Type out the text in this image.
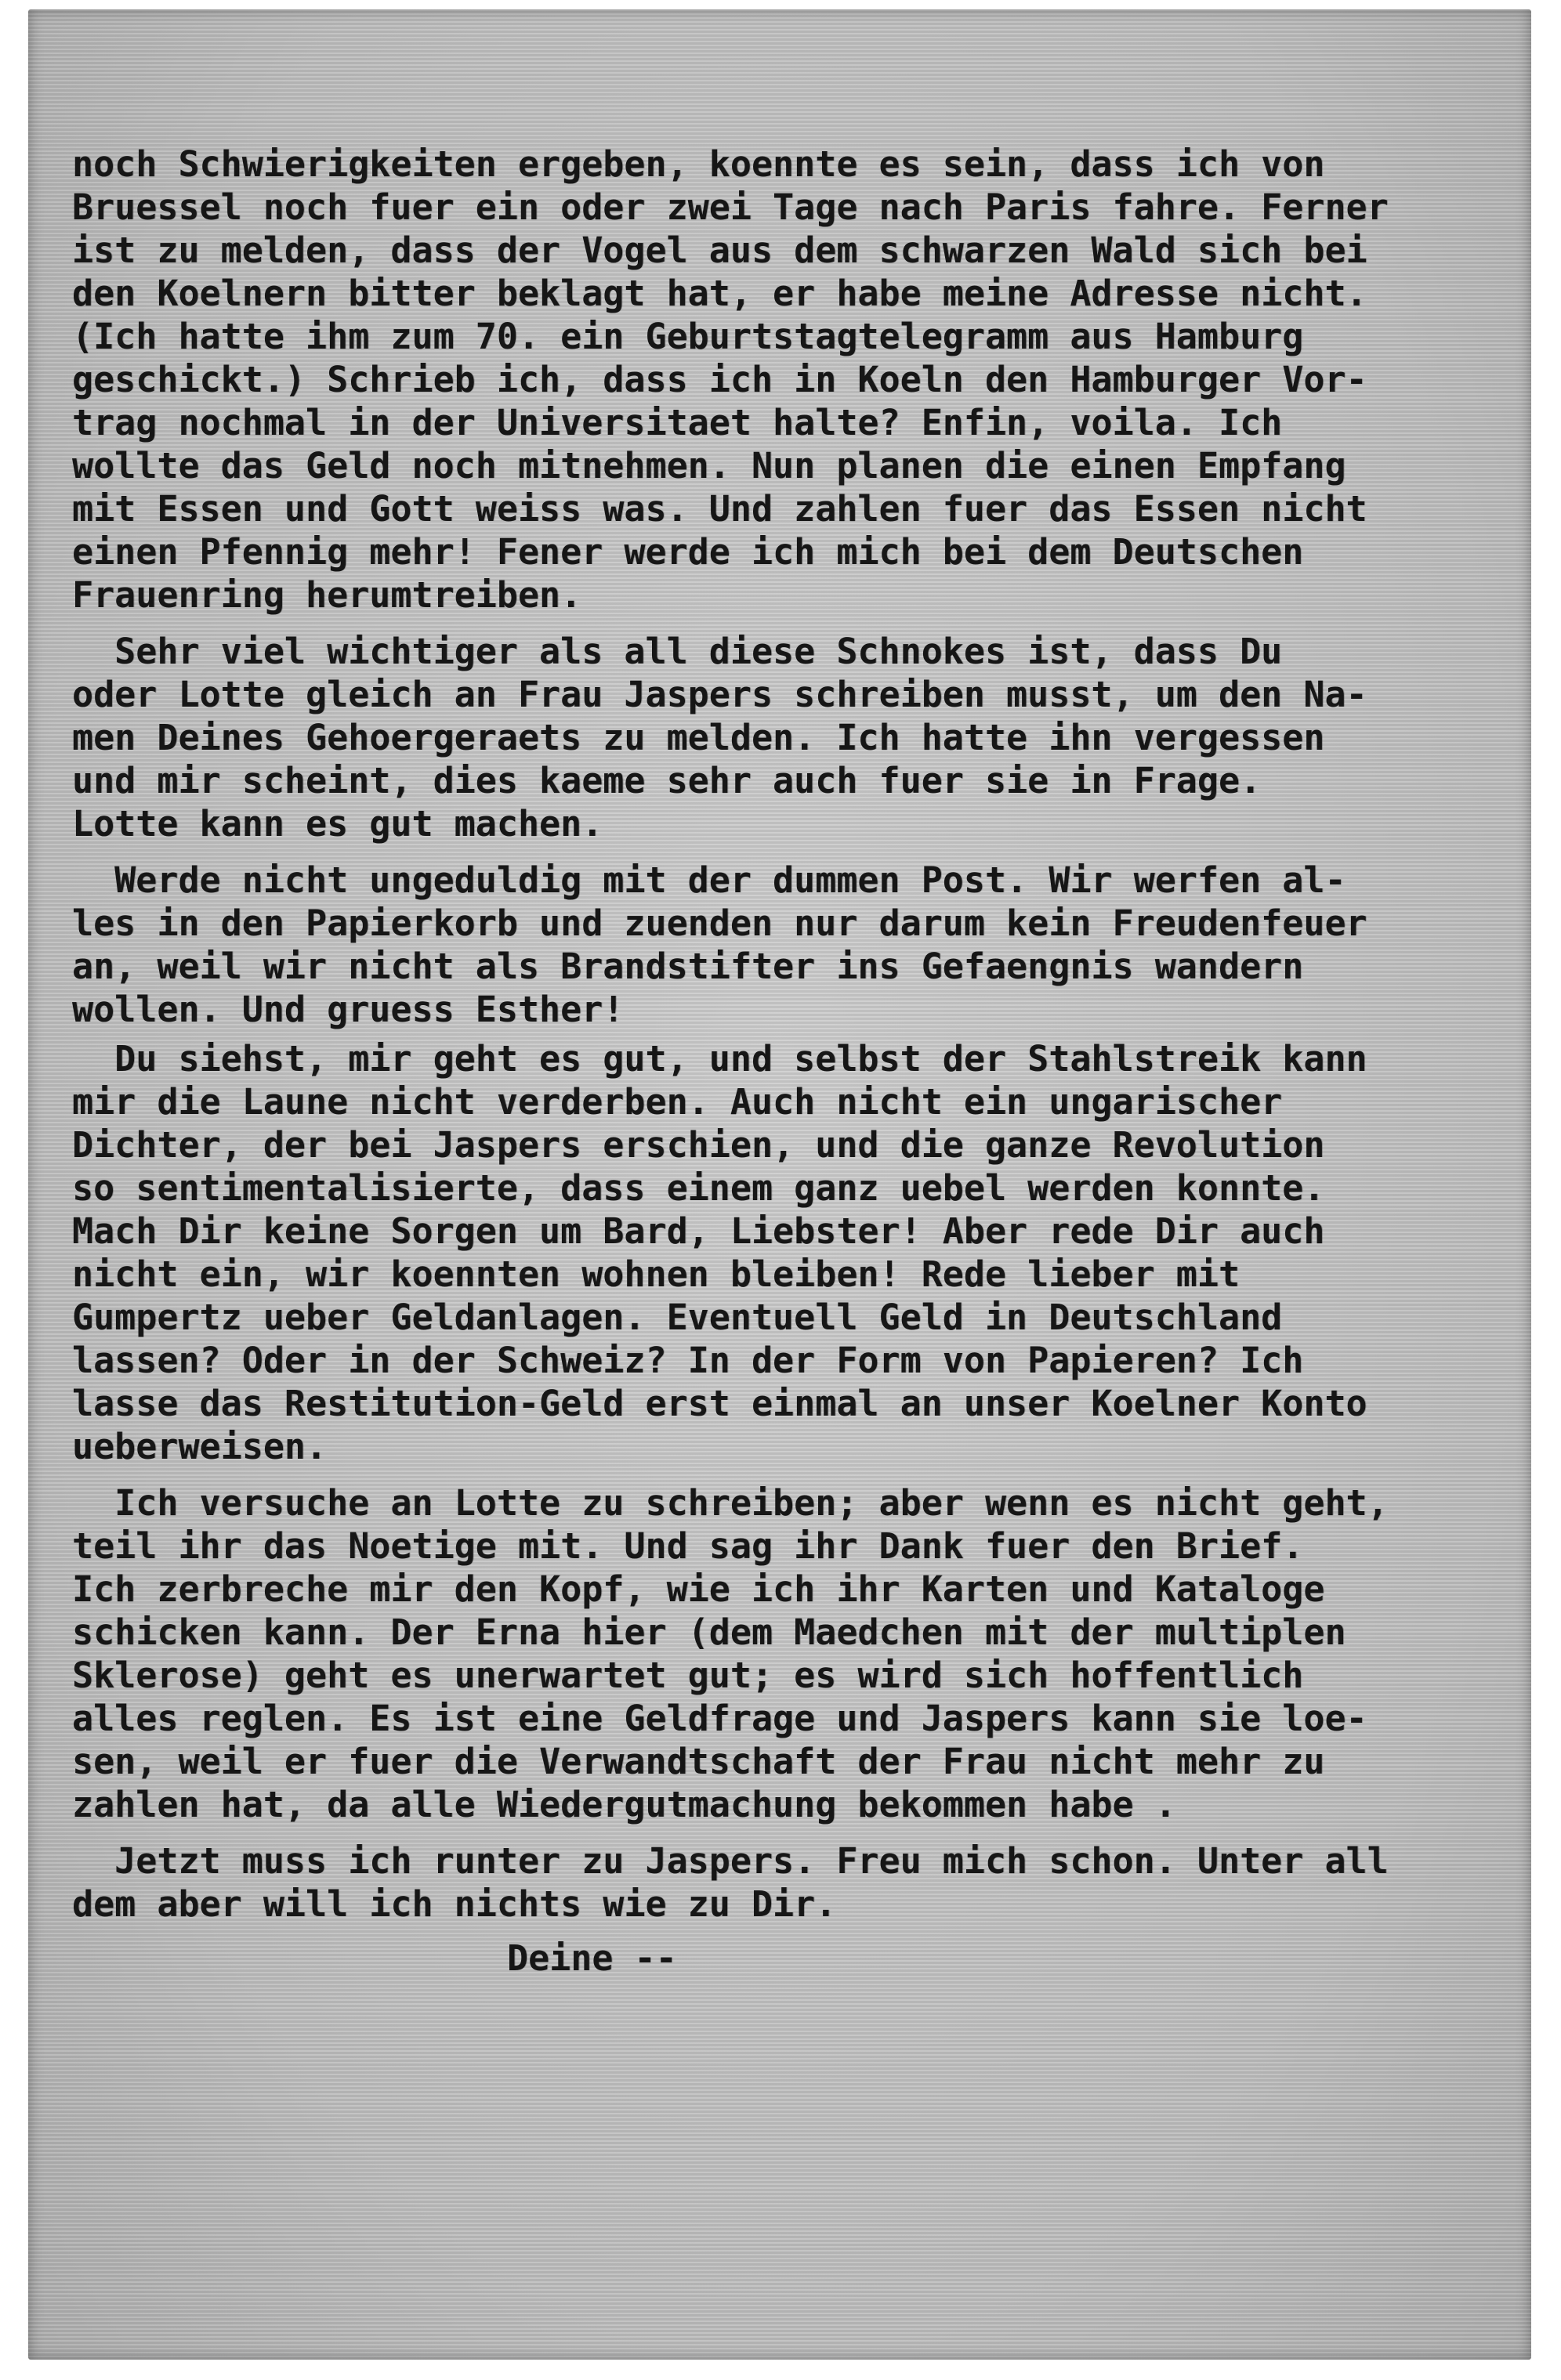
noch Schwierigkeiten ergeben, koennte es sein, dass ich von
Bruessel noch fuer ein oder zwei Tage nach Paris fahre. Ferner
ist zu melden, dass der Vogel aus dem schwarzen Wald sich bei
den Koelnern bitter beklagt hat, er habe meine Adresse nicht.
(Ich hatte ihm zum 70. ein Geburtstagtelegramm aus Hamburg
geschickt.) Schrieb ich, dass ich in Koeln den Hamburger Vor-
trag nochmal in der Universitaet halte? Enfin, voila. Ich
wollte das Geld noch mitnehmen. Nun planen die einen Empfang
mit Essen und Gott weiss was. Und zahlen fuer das Essen nicht
einen Pfennig mehr! Fener werde ich mich bei dem Deutschen
Frauenring herumtreiben.
Sehr viel wichtiger als all diese Schnokes ist, dass Du
oder Lotte gleich an Frau Jaspers schreiben musst, um den Na-
men Deines Gehoergeraets zu melden. Ich hatte ihn vergessen
und mir scheint, dies kaeme sehr auch fuer sie in Frage.
Lotte kann es gut machen.
Werde nicht ungeduldig mit der dummen Post. Wir werfen al-
les in den Papierkorb und zuenden nur darum kein Freudenfeuer
an, weil wir nicht als Brandstifter ins Gefaengnis wandern
wollen. Und gruess Esther!
Du siehst, mir geht es gut, und selbst der Stahlstreik kann
mir die Laune nicht verderben. Auch nicht ein ungarischer
Dichter, der bei Jaspers erschien, und die ganze Revolution
so sentimentalisierte, dass einem ganz uebel werden konnte.
Mach Dir keine Sorgen um Bard, Liebster! Aber rede Dir auch
nicht ein, wir koennten wohnen bleiben! Rede lieber mit
Gumpertz ueber Geldanlagen. Eventuell Geld in Deutschland
lassen? Oder in der Schweiz? In der Form von Papieren? Ich
lasse das Restitution-Geld erst einmal an unser Koelner Konto
ueberweisen.
Ich versuche an Lotte zu schreiben; aber wenn es nicht geht,
teil ihr das Noetige mit. Und sag ihr Dank fuer den Brief.
Ich zerbreche mir den Kopf, wie ich ihr Karten und Kataloge
schicken kann. Der Erna hier (dem Maedchen mit der multiplen
Sklerose) geht es unerwartet gut; es wird sich hoffentlich
alles reglen. Es ist eine Geldfrage und Jaspers kann sie loe-
sen, weil er fuer die Verwandtschaft der Frau nicht mehr zu
zahlen hat, da alle Wiedergutmachung bekommen habe .
Jetzt muss ich runter zu Jaspers. Freu mich schon. Unter all
dem aber will ich nichts wie zu Dir.
Deine --
